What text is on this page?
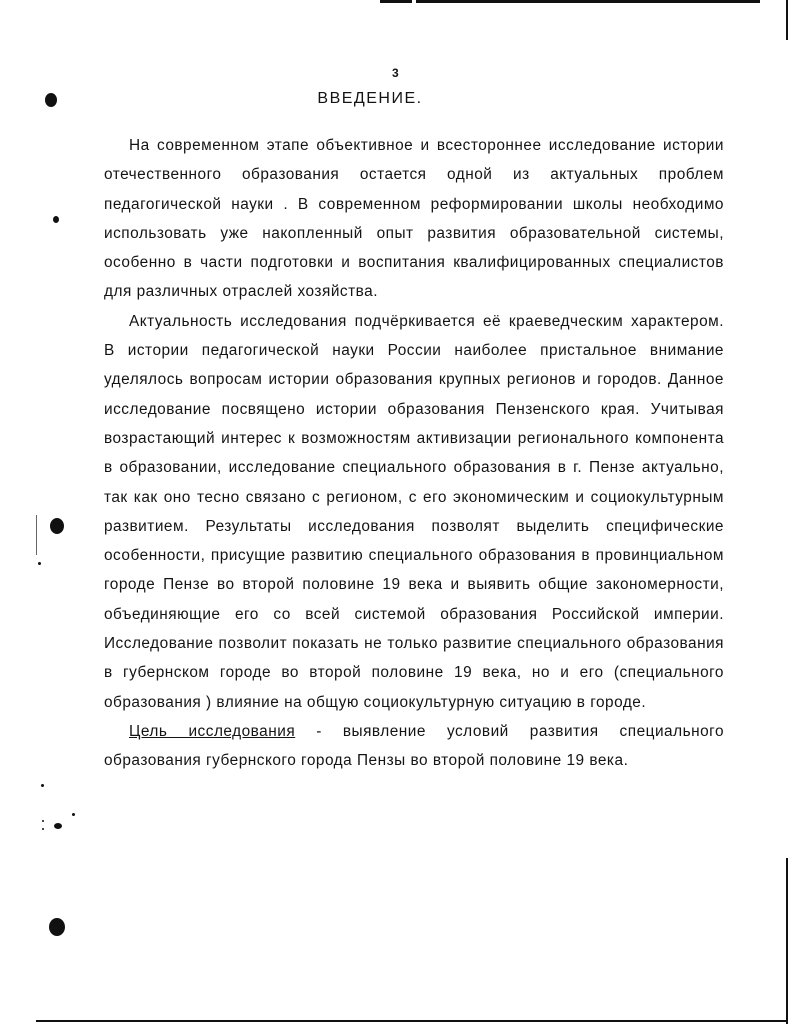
3
ВВЕДЕНИЕ.

На современном этапе объективное и всестороннее исследование истории отечественного образования остается одной из актуальных проблем педагогической науки . В современном реформировании школы необходимо использовать уже накопленный опыт развития образовательной системы, особенно в части подготовки и воспитания квалифицированных специалистов для различных отраслей хозяйства.

Актуальность исследования подчёркивается её краеведческим характером. В истории педагогической науки России наиболее пристальное внимание уделялось вопросам истории образования крупных регионов и городов. Данное исследование посвящено истории образования Пензенского края. Учитывая возрастающий интерес к возможностям активизации регионального компонента в образовании, исследование специального образования в г. Пензе актуально, так как оно тесно связано с регионом, с его экономическим и социокультурным развитием. Результаты исследования позволят выделить специфические особенности, присущие развитию специального образования в провинциальном городе Пензе во второй половине 19 века и выявить общие закономерности, объединяющие его со всей системой образования Российской империи. Исследование позволит показать не только развитие специального образования в губернском городе во второй половине 19 века, но и его (специального образования ) влияние на общую социокультурную ситуацию в городе.

Цель исследования - выявление условий развития специального образования губернского города Пензы во второй половине 19 века.
